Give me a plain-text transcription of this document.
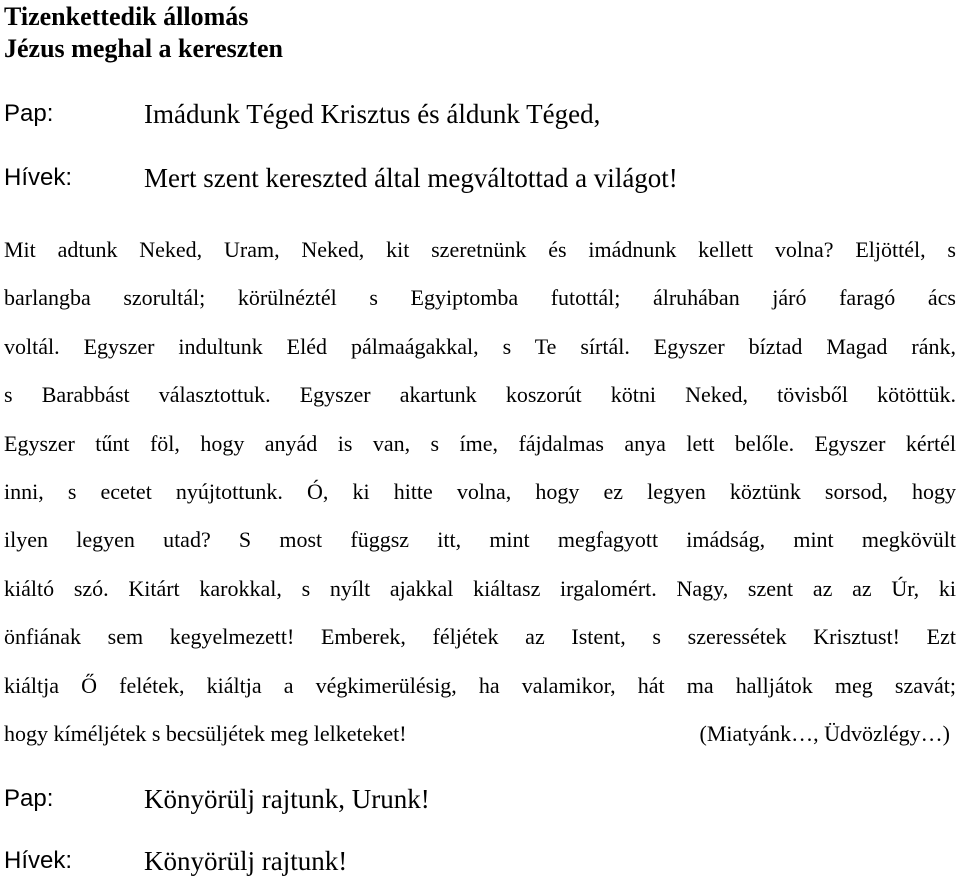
Tizenkettedik állomás
Jézus meghal a kereszten
Pap:	Imádunk Téged Krisztus és áldunk Téged,
Hívek:	Mert szent kereszted által megváltottad a világot!
Mit adtunk Neked, Uram, Neked, kit szeretnünk és imádnunk kellett volna? Eljöttél, s
barlangba szorultál; körülnéztél s Egyiptomba futottál; álruhában járó faragó ács
voltál. Egyszer indultunk Eléd pálmaágakkal, s Te sírtál. Egyszer bíztad Magad ránk,
s Barabbást választottuk. Egyszer akartunk koszorút kötni Neked, tövisből kötöttük.
Egyszer tűnt föl, hogy anyád is van, s íme, fájdalmas anya lett belőle. Egyszer kértél
inni, s ecetet nyújtottunk. Ó, ki hitte volna, hogy ez legyen köztünk sorsod, hogy
ilyen legyen utad? S most függsz itt, mint megfagyott imádság, mint megkövült
kiáltó szó. Kitárt karokkal, s nyílt ajakkal kiáltasz irgalomért. Nagy, szent az az Úr, ki
önfiának sem kegyelmezett! Emberek, féljétek az Istent, s szeressétek Krisztust! Ezt
kiáltja Ő felétek, kiáltja a végkimerülésig, ha valamikor, hát ma halljátok meg szavát;
hogy kíméljétek s becsüljétek meg lelketeket!	(Miatyánk…, Üdvözlégy…)
Pap:	Könyörülj rajtunk, Urunk!
Hívek:	Könyörülj rajtunk!
